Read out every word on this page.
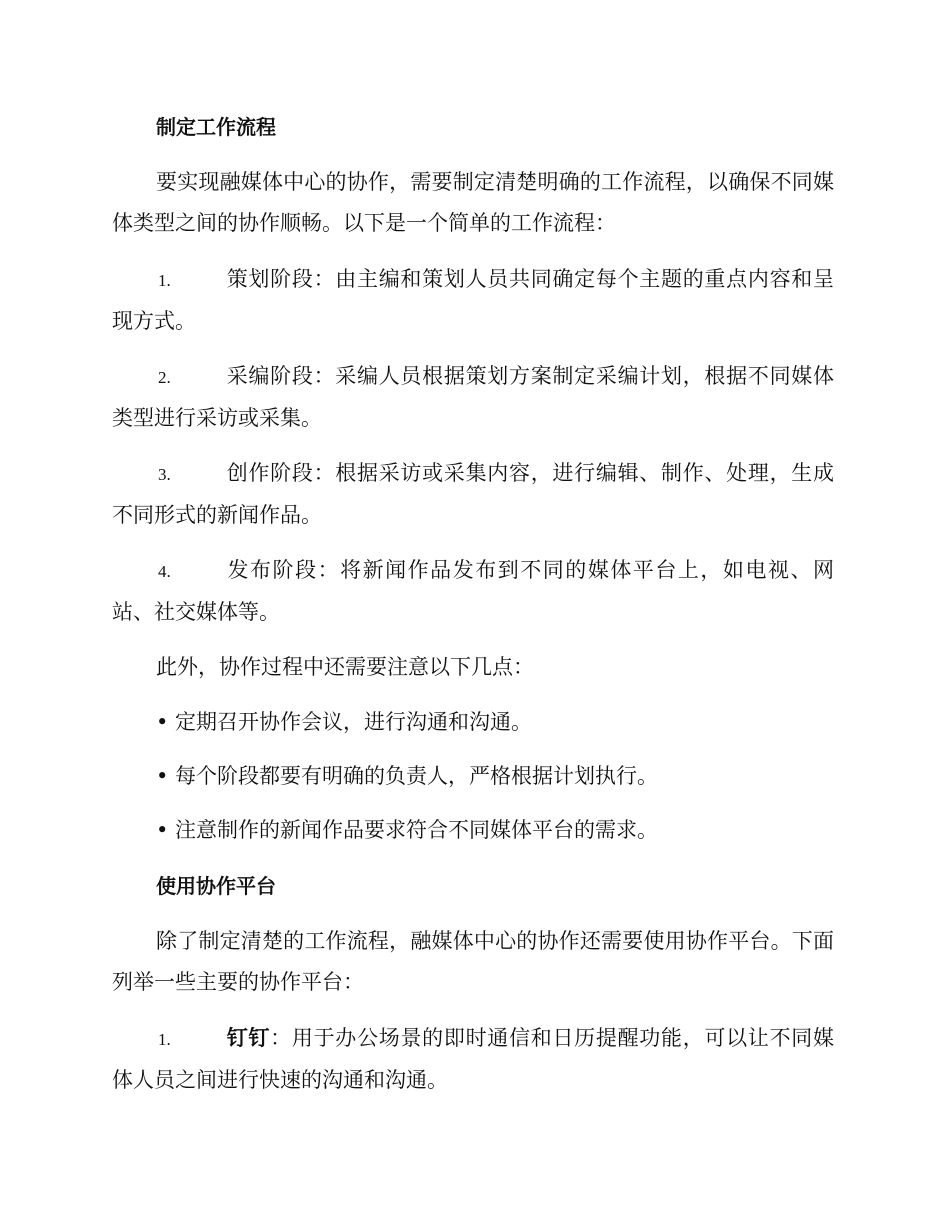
制定工作流程

要实现融媒体中心的协作，需要制定清楚明确的工作流程，以确保不同媒体类型之间的协作顺畅。以下是一个简单的工作流程：

1.	策划阶段：由主编和策划人员共同确定每个主题的重点内容和呈现方式。

2.	采编阶段：采编人员根据策划方案制定采编计划，根据不同媒体类型进行采访或采集。

3.	创作阶段：根据采访或采集内容，进行编辑、制作、处理，生成不同形式的新闻作品。

4.	发布阶段：将新闻作品发布到不同的媒体平台上，如电视、网站、社交媒体等。

此外，协作过程中还需要注意以下几点：

• 定期召开协作会议，进行沟通和沟通。

• 每个阶段都要有明确的负责人，严格根据计划执行。

• 注意制作的新闻作品要求符合不同媒体平台的需求。

使用协作平台

除了制定清楚的工作流程，融媒体中心的协作还需要使用协作平台。下面列举一些主要的协作平台：

1.	钉钉：用于办公场景的即时通信和日历提醒功能，可以让不同媒体人员之间进行快速的沟通和沟通。
